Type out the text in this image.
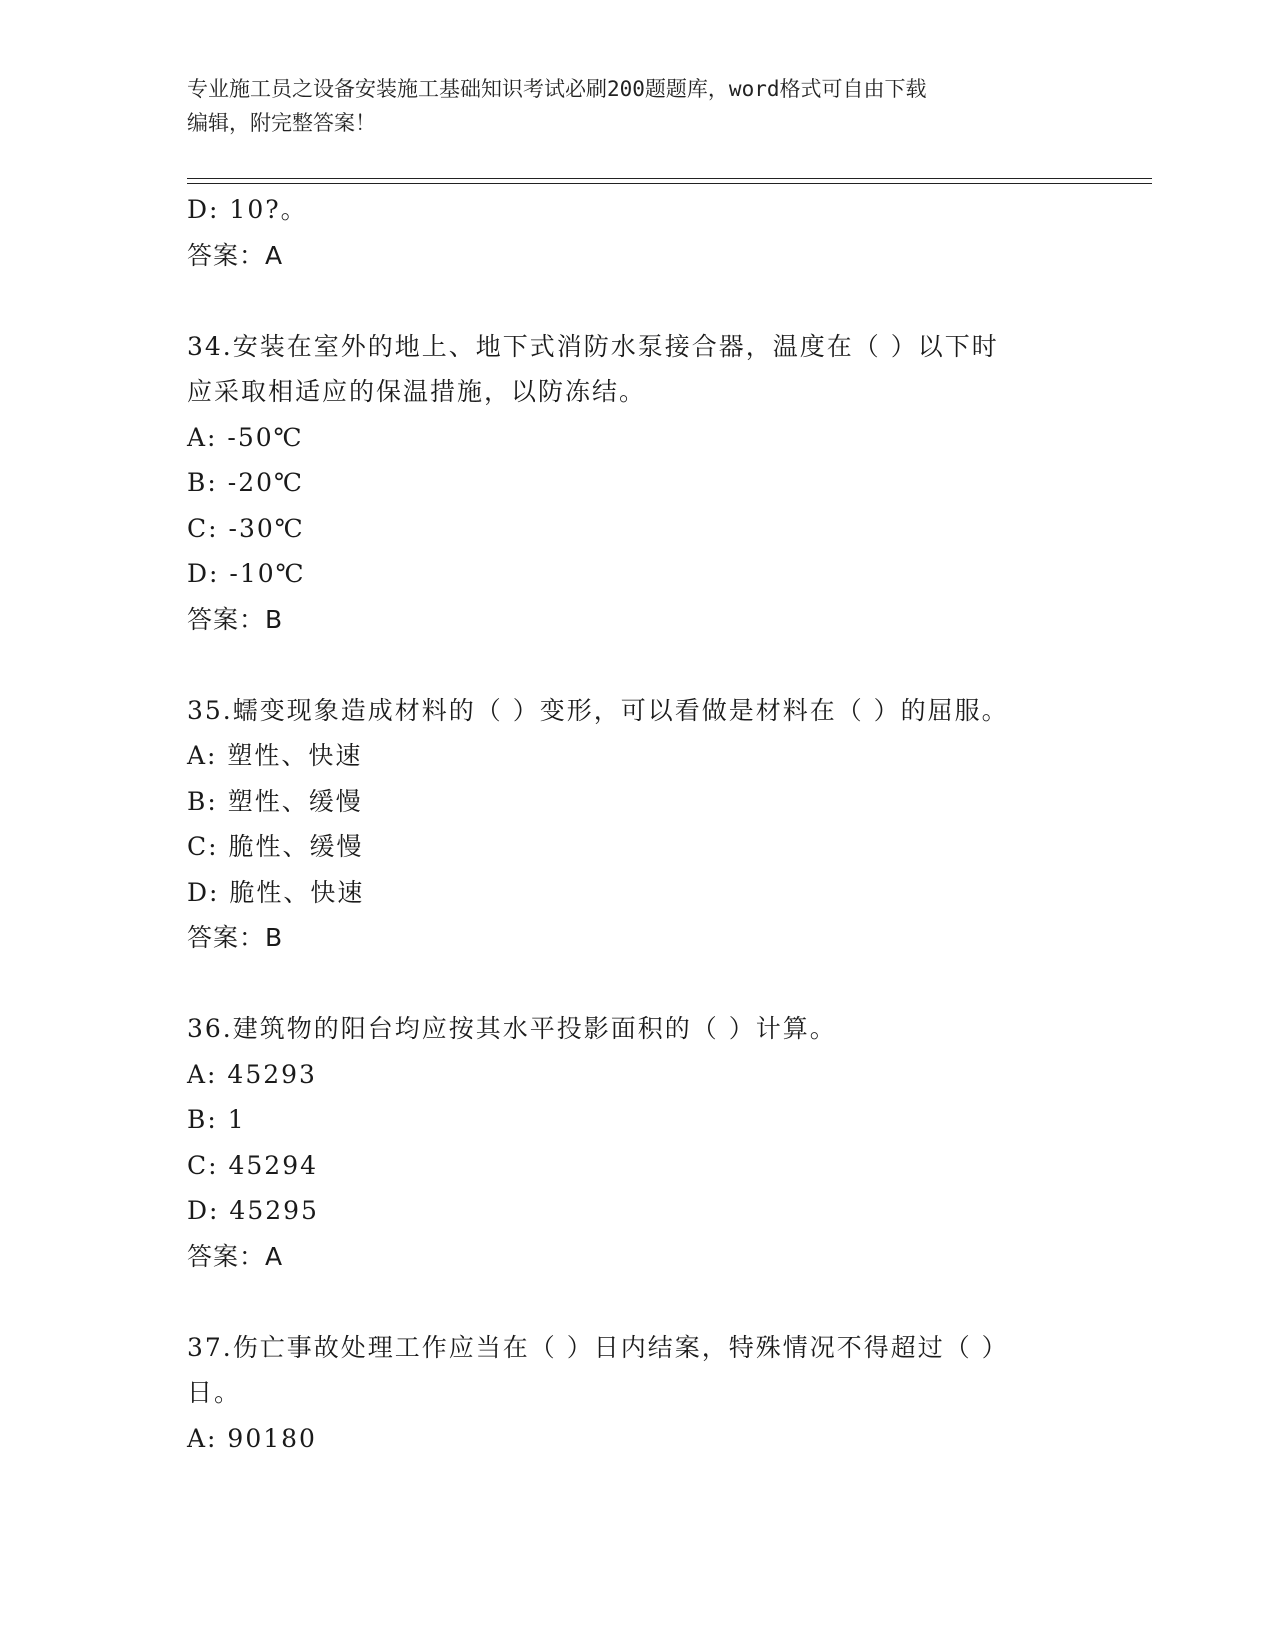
专业施工员之设备安装施工基础知识考试必刷200题题库，word格式可自由下载
编辑，附完整答案！
D: 10?。
答案：A
34.安装在室外的地上、地下式消防水泵接合器，温度在（ ）以下时
应采取相适应的保温措施，以防冻结。
A: -50℃
B: -20℃
C: -30℃
D: -10℃
答案：B
35.蠕变现象造成材料的（ ）变形，可以看做是材料在（ ）的屈服。
A: 塑性、快速
B: 塑性、缓慢
C: 脆性、缓慢
D: 脆性、快速
答案：B
36.建筑物的阳台均应按其水平投影面积的（ ）计算。
A: 45293
B: 1
C: 45294
D: 45295
答案：A
37.伤亡事故处理工作应当在（ ）日内结案，特殊情况不得超过（ ）
日。
A: 90180
